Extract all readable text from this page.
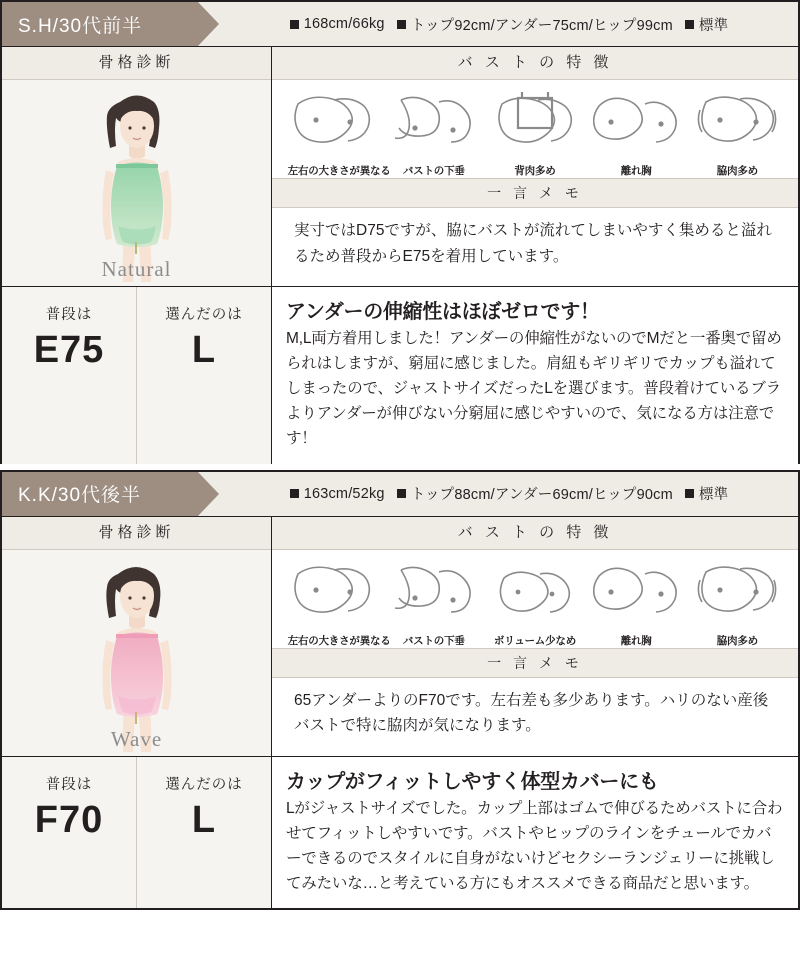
S.H/30代前半	168cm/66kg トップ92cm/アンダー75cm/ヒップ99cm 標準
骨格診断
Natural
バ ス ト の 特 徴
左右の大きさが異なる	バストの下垂	背肉多め	離れ胸	脇肉多め
一 言 メ モ
実寸ではD75ですが、脇にバストが流れてしまいやすく集めると溢れるため普段からE75を着用しています。
普段は
E75
選んだのは
L
アンダーの伸縮性はほぼゼロです！
M,L両方着用しました！アンダーの伸縮性がないのでMだと一番奥で留められはしますが、窮屈に感じました。肩紐もギリギリでカップも溢れてしまったので、ジャストサイズだったLを選びます。普段着けているブラよりアンダーが伸びない分窮屈に感じやすいので、気になる方は注意です！
K.K/30代後半	163cm/52kg トップ88cm/アンダー69cm/ヒップ90cm 標準
骨格診断
Wave
バ ス ト の 特 徴
左右の大きさが異なる	バストの下垂	ボリューム少なめ	離れ胸	脇肉多め
一 言 メ モ
65アンダーよりのF70です。左右差も多少あります。ハリのない産後バストで特に脇肉が気になります。
普段は
F70
選んだのは
L
カップがフィットしやすく体型カバーにも
Lがジャストサイズでした。カップ上部はゴムで伸びるためバストに合わせてフィットしやすいです。バストやヒップのラインをチュールでカバーできるのでスタイルに自身がないけどセクシーランジェリーに挑戦してみたいな…と考えている方にもオススメできる商品だと思います。
